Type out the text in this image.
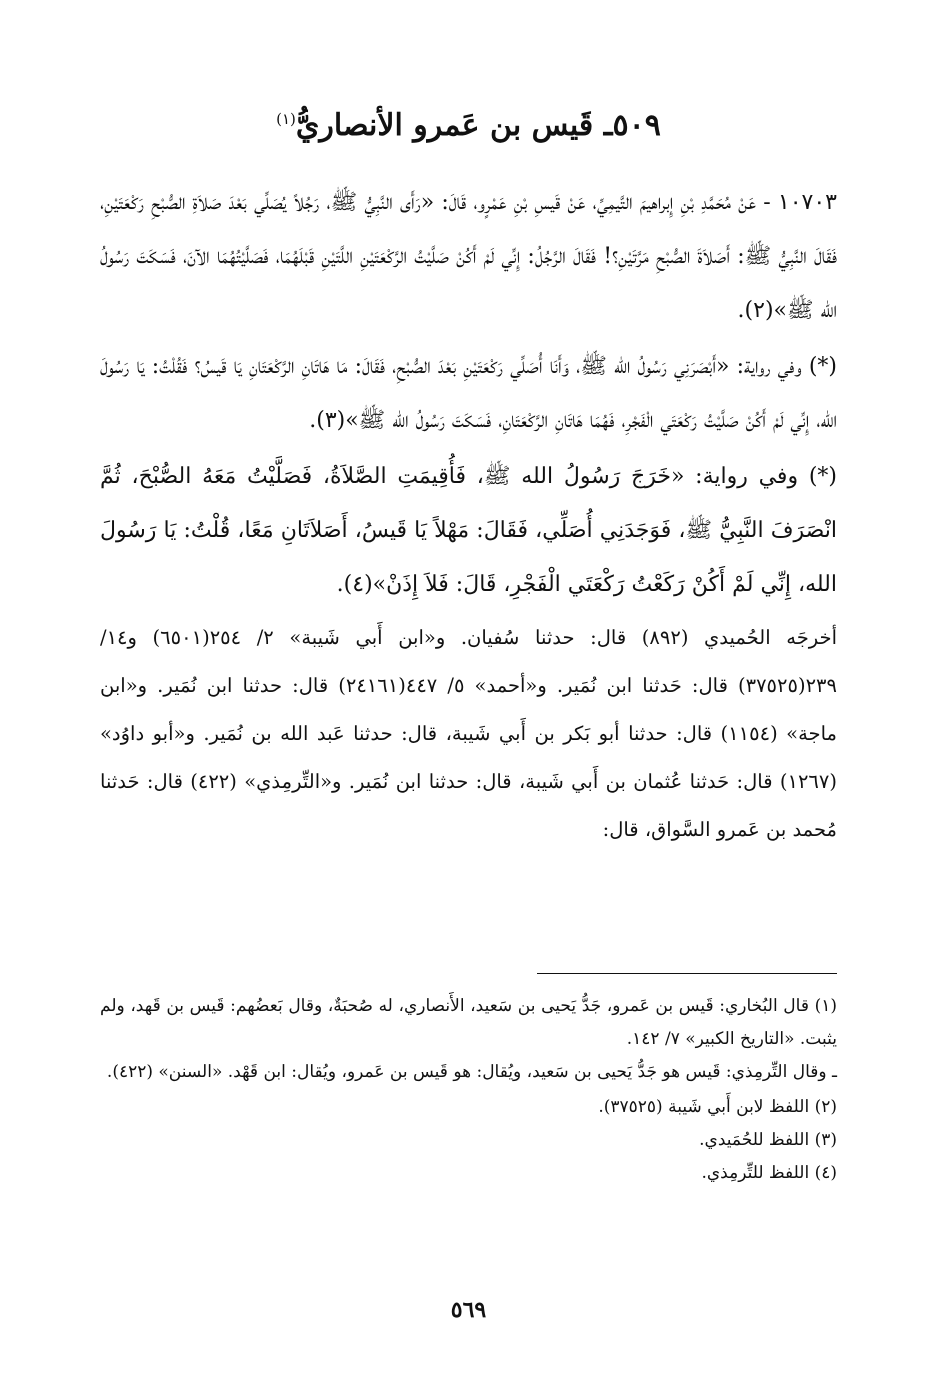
٥٠٩ـ قَيس بن عَمرو الأنصاريُّ$^{(١)}$

١٠٧٠٣ - عَنْ مُحَمَّدِ بْنِ إِبراهيمَ التَّيمِيِّ، عَنْ قَيسِ بْنِ عَمْرٍو، قَالَ: «رَأَى النَّبِيُّ ﷺ، رَجُلاً يُصَلِّي بَعْدَ صَلاَةِ الصُّبْحِ رَكْعَتَيْنِ، فَقَالَ النَّبِيُّ ﷺ: أَصَلاَةَ الصُّبْحِ مَرَّتَيْنِ؟! فَقَالَ الرَّجُلُ: إِنِّي لَمْ أَكُنْ صَلَّيْتُ الرَّكْعَتَيْنِ اللَّتَيْنِ قَبْلَهُمَا، فَصَلَّيْتُهُمَا الآنَ، فَسَكَتَ رَسُولُ الله ﷺ»(٢).

(*) وفي رواية: «أَبْصَرَنِي رَسُولُ الله ﷺ، وَأَنَا أُصَلِّي رَكْعَتَيْنِ بَعْدَ الصُّبْحِ، فَقَالَ: مَا هَاتَانِ الرَّكْعَتَانِ يَا قَيسُ؟ فَقُلْتُ: يَا رَسُولَ الله، إِنِّي لَمْ أَكُنْ صَلَّيْتُ رَكْعَتَي الْفَجْرِ، فَهُمَا هَاتَانِ الرَّكْعَتَانِ، فَسَكَتَ رَسُولُ الله ﷺ»(٣).

(*) وفي رواية: «خَرَجَ رَسُولُ الله ﷺ، فَأُقِيمَتِ الصَّلاَةُ، فَصَلَّيْتُ مَعَهُ الصُّبْحَ، ثُمَّ انْصَرَفَ النَّبِيُّ ﷺ، فَوَجَدَنِي أُصَلِّي، فَقَالَ: مَهْلاً يَا قَيسُ، أَصَلاَتَانِ مَعًا، قُلْتُ: يَا رَسُولَ الله، إِنِّي لَمْ أَكُنْ رَكَعْتُ رَكْعَتَي الْفَجْرِ، قَالَ: فَلاَ إِذَنْ»(٤).

أخرجَه الحُميدي (٨٩٢) قال: حدثنا سُفيان. و«ابن أَبي شَيبة» ٢/ ٢٥٤(٦٥٠١) و١٤/ ٢٣٩(٣٧٥٢٥) قال: حَدثنا ابن نُمَير. و«أحمد» ٥/ ٤٤٧(٢٤١٦١) قال: حدثنا ابن نُمَير. و«ابن ماجة» (١١٥٤) قال: حدثنا أبو بَكر بن أَبي شَيبة، قال: حدثنا عَبد الله بن نُمَير. و«أبو داوُد» (١٢٦٧) قال: حَدثنا عُثمان بن أَبي شَيبة، قال: حدثنا ابن نُمَير. و«التِّرمِذي» (٤٢٢) قال: حَدثنا مُحمد بن عَمرو السَّواق، قال:

(١) قال البُخاري: قَيس بن عَمرو، جَدُّ يَحيى بن سَعيد، الأَنصاري، له صُحبَةٌ، وقال بَعضُهم: قَيس بن قَهد، ولم يثبت. «التاريخ الكبير» ٧/ ١٤٢.

ـ وقال التِّرمِذي: قَيس هو جَدُّ يَحيى بن سَعيد، ويُقال: هو قَيس بن عَمرو، ويُقال: ابن قَهْد. «السنن» (٤٢٢).

(٢) اللفظ لابن أَبي شَيبة (٣٧٥٢٥).

(٣) اللفظ للحُمَيدي.

(٤) اللفظ للتِّرمِذي.

٥٦٩
